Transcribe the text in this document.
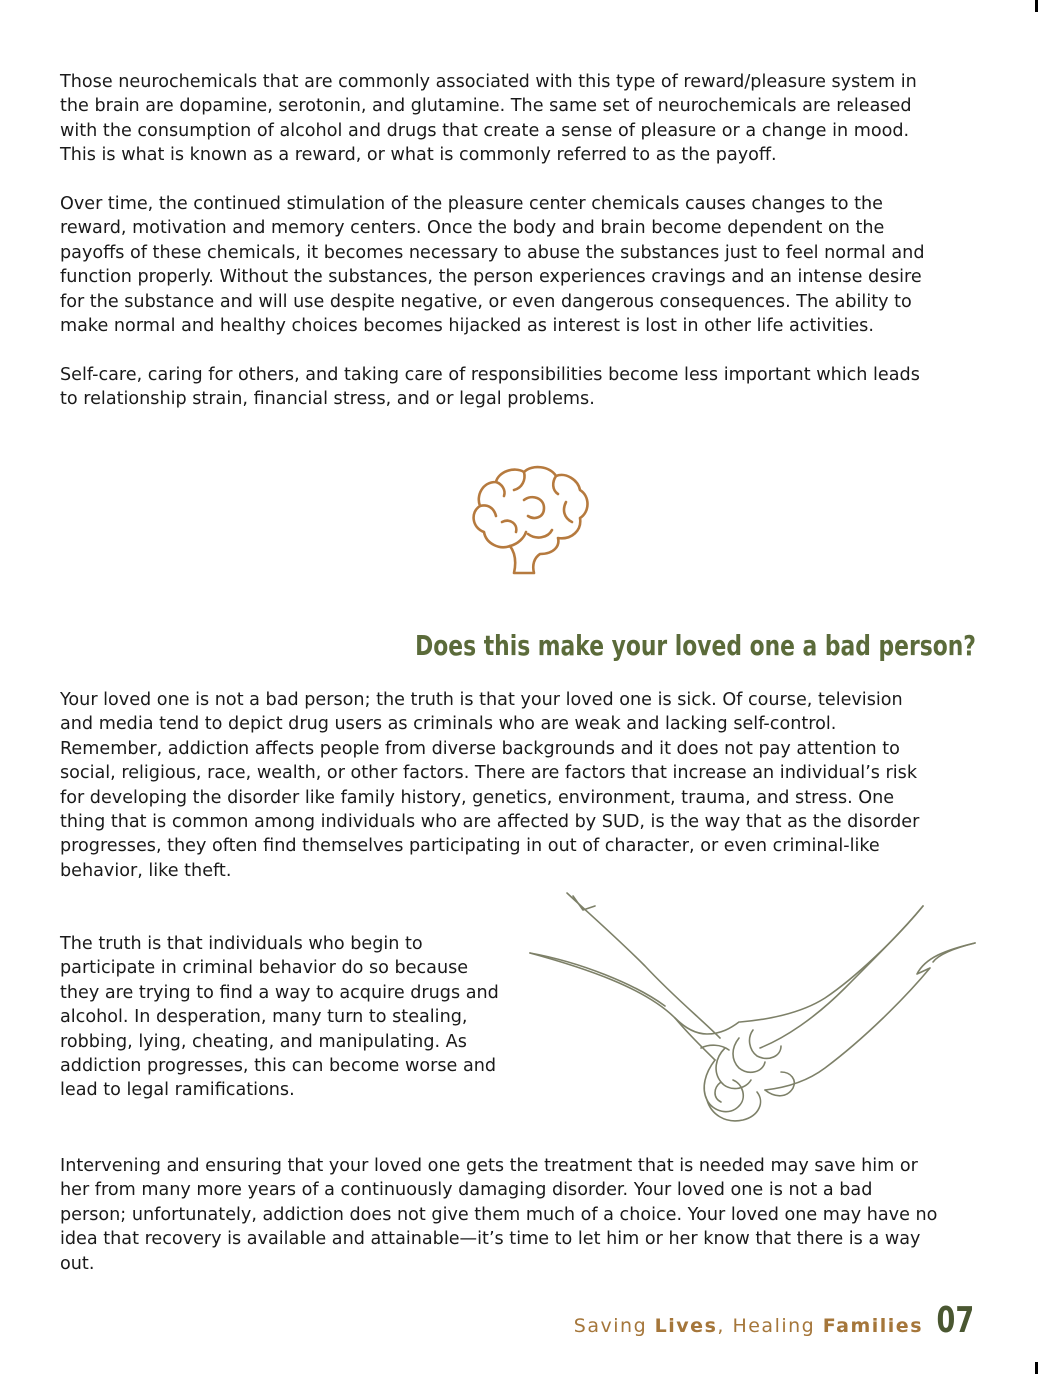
Those neurochemicals that are commonly associated with this type of reward/pleasure system in
the brain are dopamine, serotonin, and glutamine. The same set of neurochemicals are released
with the consumption of alcohol and drugs that create a sense of pleasure or a change in mood.
This is what is known as a reward, or what is commonly referred to as the payoff.
Over time, the continued stimulation of the pleasure center chemicals causes changes to the
reward, motivation and memory centers. Once the body and brain become dependent on the
payoffs of these chemicals, it becomes necessary to abuse the substances just to feel normal and
function properly. Without the substances, the person experiences cravings and an intense desire
for the substance and will use despite negative, or even dangerous consequences. The ability to
make normal and healthy choices becomes hijacked as interest is lost in other life activities.
Self-care, caring for others, and taking care of responsibilities become less important which leads
to relationship strain, financial stress, and or legal problems.
Does this make your loved one a bad person?
Your loved one is not a bad person; the truth is that your loved one is sick. Of course, television
and media tend to depict drug users as criminals who are weak and lacking self-control.
Remember, addiction affects people from diverse backgrounds and it does not pay attention to
social, religious, race, wealth, or other factors. There are factors that increase an individual’s risk
for developing the disorder like family history, genetics, environment, trauma, and stress. One
thing that is common among individuals who are affected by SUD, is the way that as the disorder
progresses, they often find themselves participating in out of character, or even criminal-like
behavior, like theft.
The truth is that individuals who begin to
participate in criminal behavior do so because
they are trying to find a way to acquire drugs and
alcohol. In desperation, many turn to stealing,
robbing, lying, cheating, and manipulating. As
addiction progresses, this can become worse and
lead to legal ramifications.
Intervening and ensuring that your loved one gets the treatment that is needed may save him or
her from many more years of a continuously damaging disorder. Your loved one is not a bad
person; unfortunately, addiction does not give them much of a choice. Your loved one may have no
idea that recovery is available and attainable—it’s time to let him or her know that there is a way
out.
Saving Lives, Healing Families 07
